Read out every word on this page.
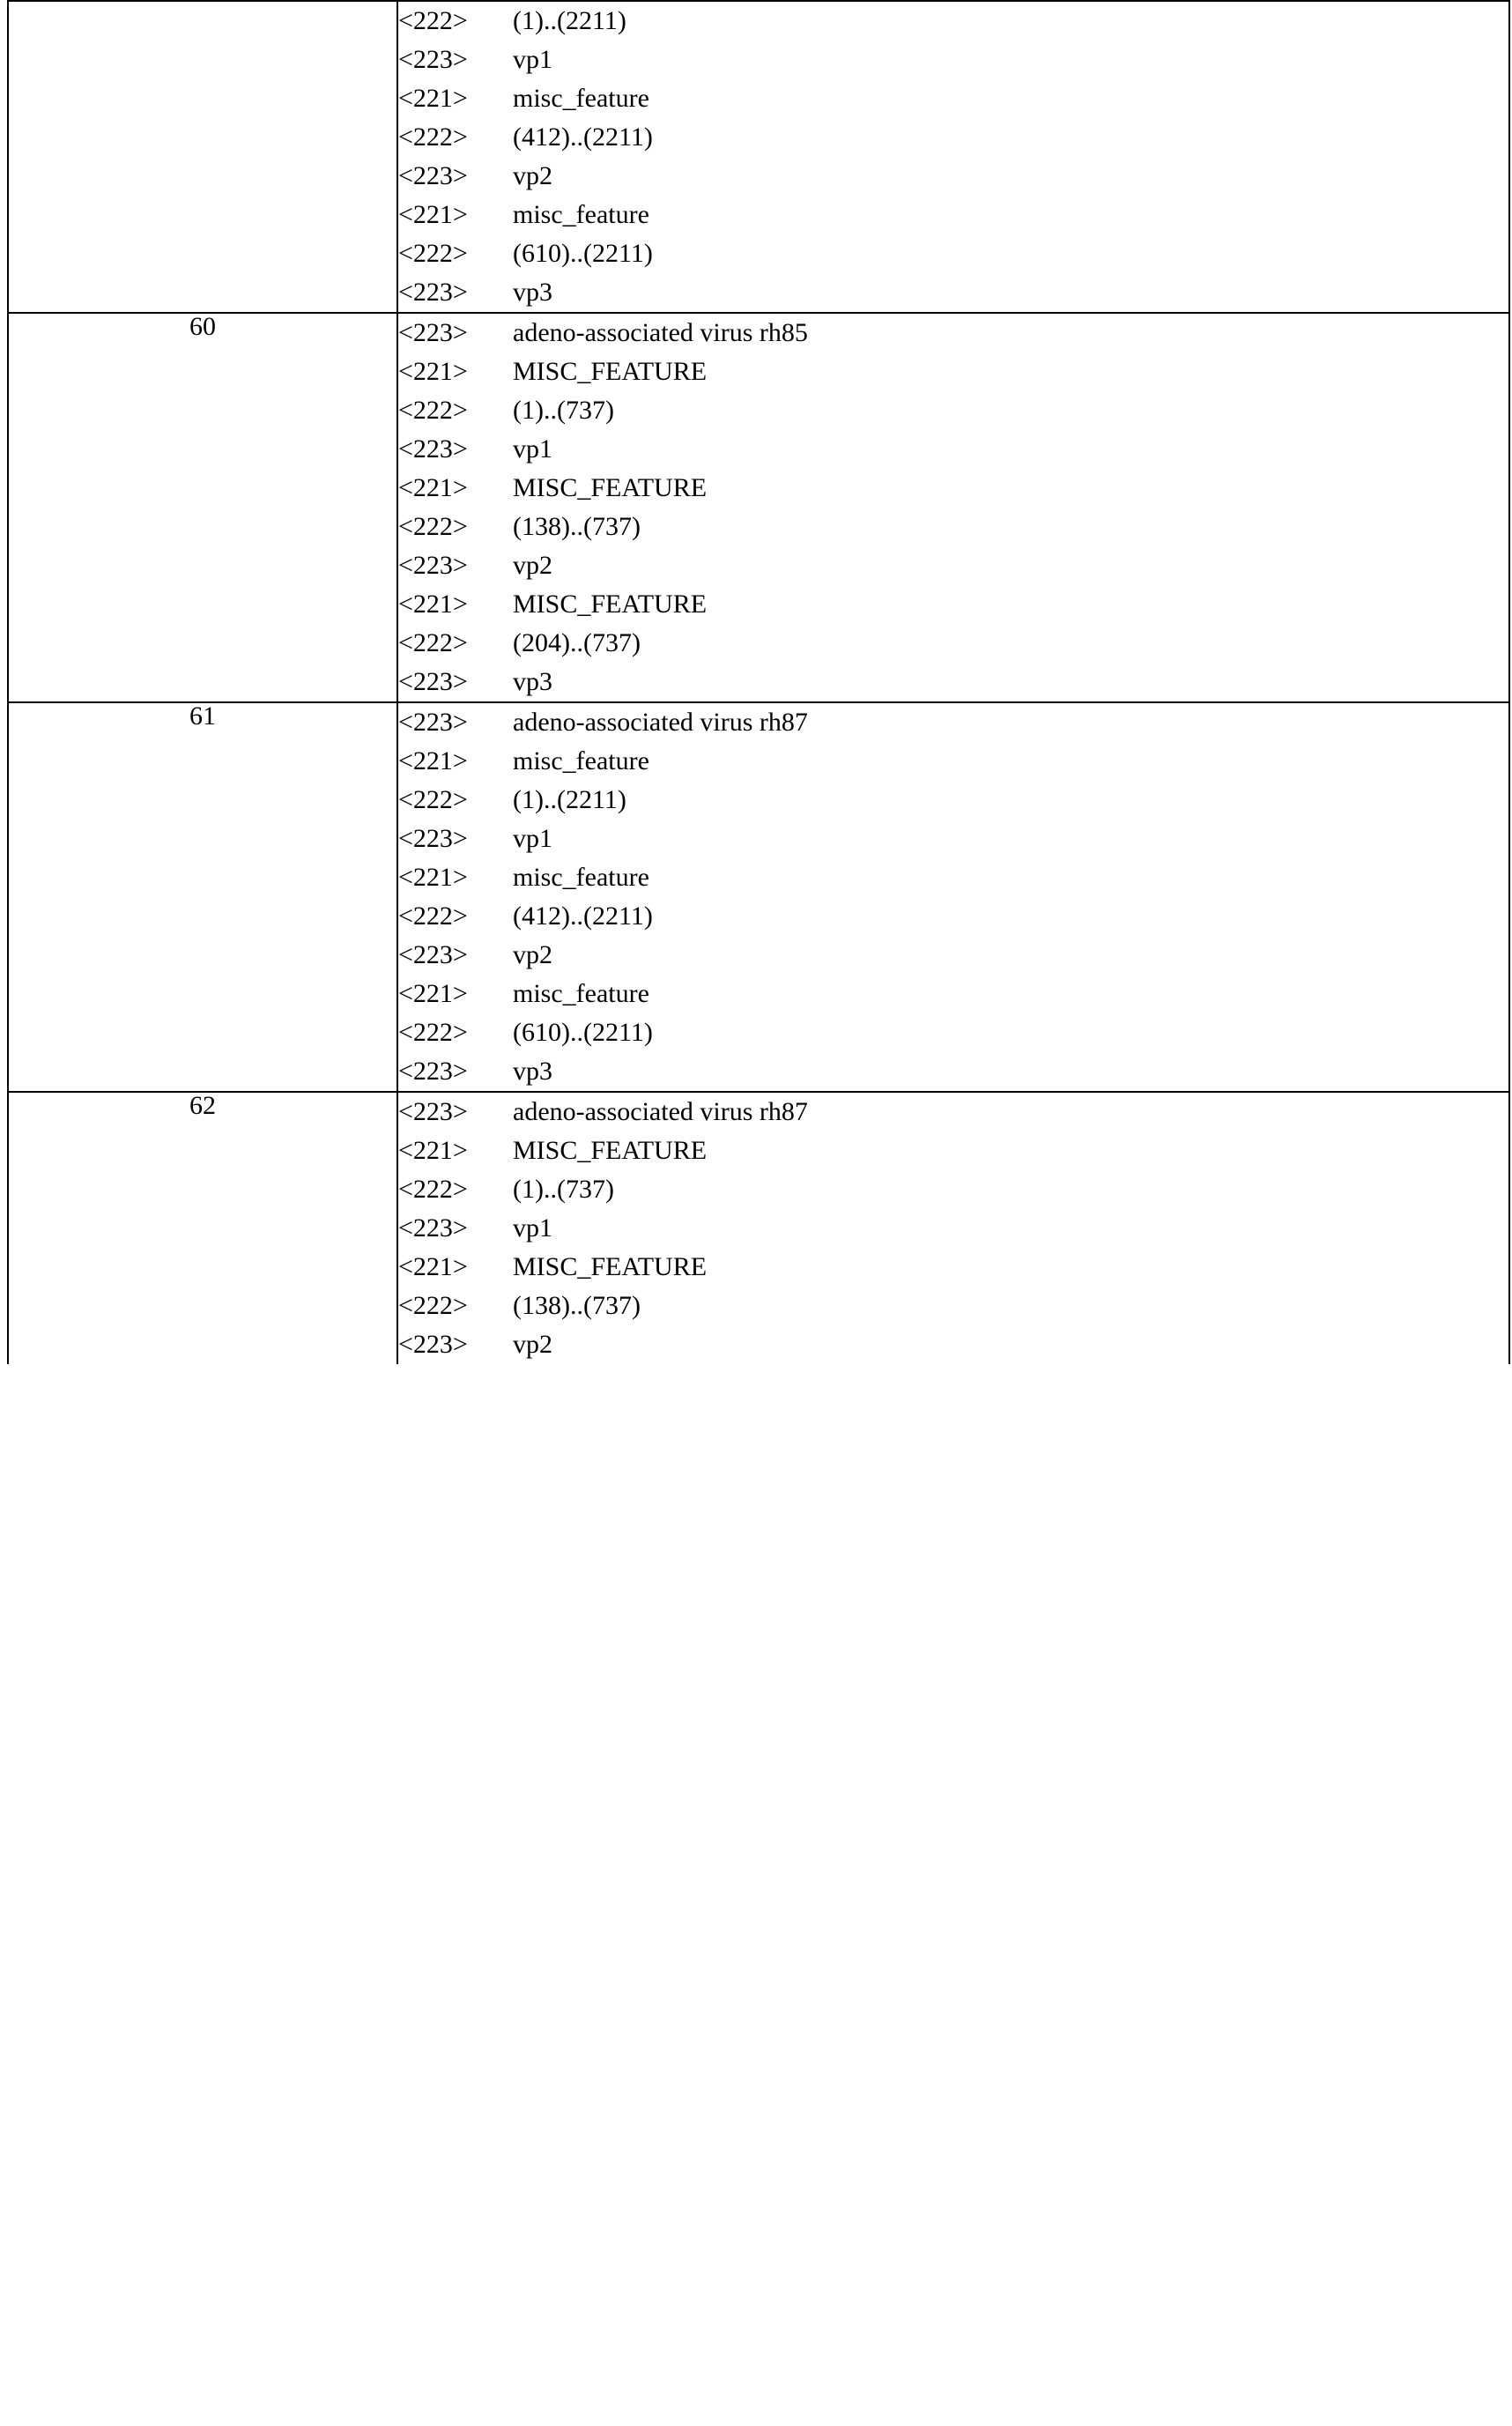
<222>	(1)..(2211)
<223>	vp1
<221>	misc_feature
<222>	(412)..(2211)
<223>	vp2
<221>	misc_feature
<222>	(610)..(2211)
<223>	vp3

60	<223>	adeno-associated virus rh85
<221>	MISC_FEATURE
<222>	(1)..(737)
<223>	vp1
<221>	MISC_FEATURE
<222>	(138)..(737)
<223>	vp2
<221>	MISC_FEATURE
<222>	(204)..(737)
<223>	vp3

61	<223>	adeno-associated virus rh87
<221>	misc_feature
<222>	(1)..(2211)
<223>	vp1
<221>	misc_feature
<222>	(412)..(2211)
<223>	vp2
<221>	misc_feature
<222>	(610)..(2211)
<223>	vp3

62	<223>	adeno-associated virus rh87
<221>	MISC_FEATURE
<222>	(1)..(737)
<223>	vp1
<221>	MISC_FEATURE
<222>	(138)..(737)
<223>	vp2
